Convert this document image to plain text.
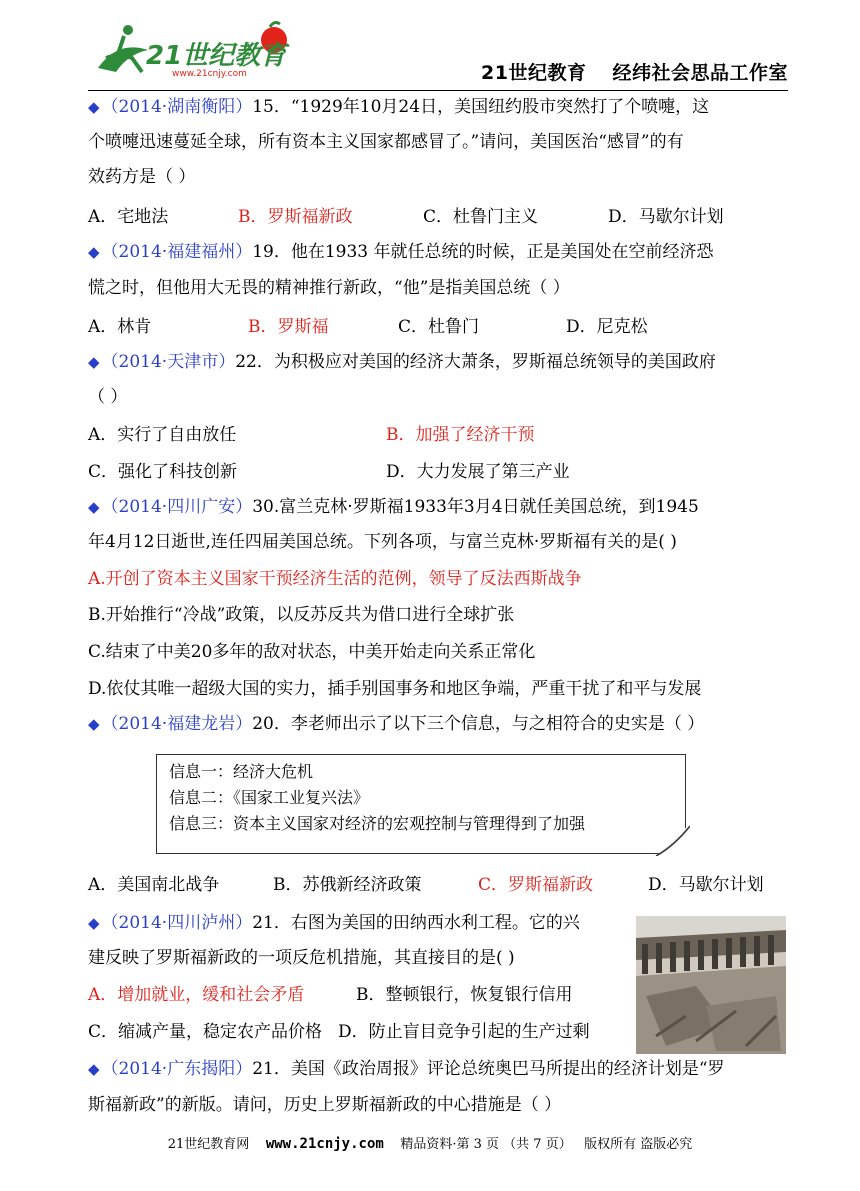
21世纪教育
www.21cnjy.com	21世纪教育 经纬社会思品工作室
◆ （2014·湖南衡阳）15．“1929年10月24日，美国纽约股市突然打了个喷嚏，这
个喷嚏迅速蔓延全球，所有资本主义国家都感冒了。”请问，美国医治“感冒”的有
效药方是（ ）
A．宅地法	B．罗斯福新政	C．杜鲁门主义	D．马歇尔计划
◆ （2014·福建福州）19．他在1933 年就任总统的时候，正是美国处在空前经济恐
慌之时，但他用大无畏的精神推行新政，“他”是指美国总统（ ）
A．林肯	B．罗斯福	C．杜鲁门	D．尼克松
◆ （2014·天津市）22．为积极应对美国的经济大萧条，罗斯福总统领导的美国政府
（ ）
A．实行了自由放任	B．加强了经济干预
C．强化了科技创新	D．大力发展了第三产业
◆ （2014·四川广安）30.富兰克林·罗斯福1933年3月4日就任美国总统，到1945
年4月12日逝世,连任四届美国总统。下列各项，与富兰克林·罗斯福有关的是( )
A.开创了资本主义国家干预经济生活的范例，领导了反法西斯战争
B.开始推行“冷战”政策，以反苏反共为借口进行全球扩张
C.结束了中美20多年的敌对状态，中美开始走向关系正常化
D.依仗其唯一超级大国的实力，插手别国事务和地区争端，严重干扰了和平与发展
◆ （2014·福建龙岩）20．李老师出示了以下三个信息，与之相符合的史实是（ ）
信息一：经济大危机
信息二：《国家工业复兴法》
信息三：资本主义国家对经济的宏观控制与管理得到了加强
A．美国南北战争	B．苏俄新经济政策	C．罗斯福新政	D．马歇尔计划
◆ （2014·四川泸州）21．右图为美国的田纳西水利工程。它的兴
建反映了罗斯福新政的一项反危机措施，其直接目的是( )
A．增加就业，缓和社会矛盾	B．整顿银行，恢复银行信用
C．缩减产量，稳定农产品价格 D．防止盲目竞争引起的生产过剩
◆ （2014·广东揭阳）21．美国《政治周报》评论总统奥巴马所提出的经济计划是“罗
斯福新政”的新版。请问，历史上罗斯福新政的中心措施是（ ）
21世纪教育网 www.21cnjy.com 精品资料·第 3 页 （共 7 页） 版权所有 盗版必究
